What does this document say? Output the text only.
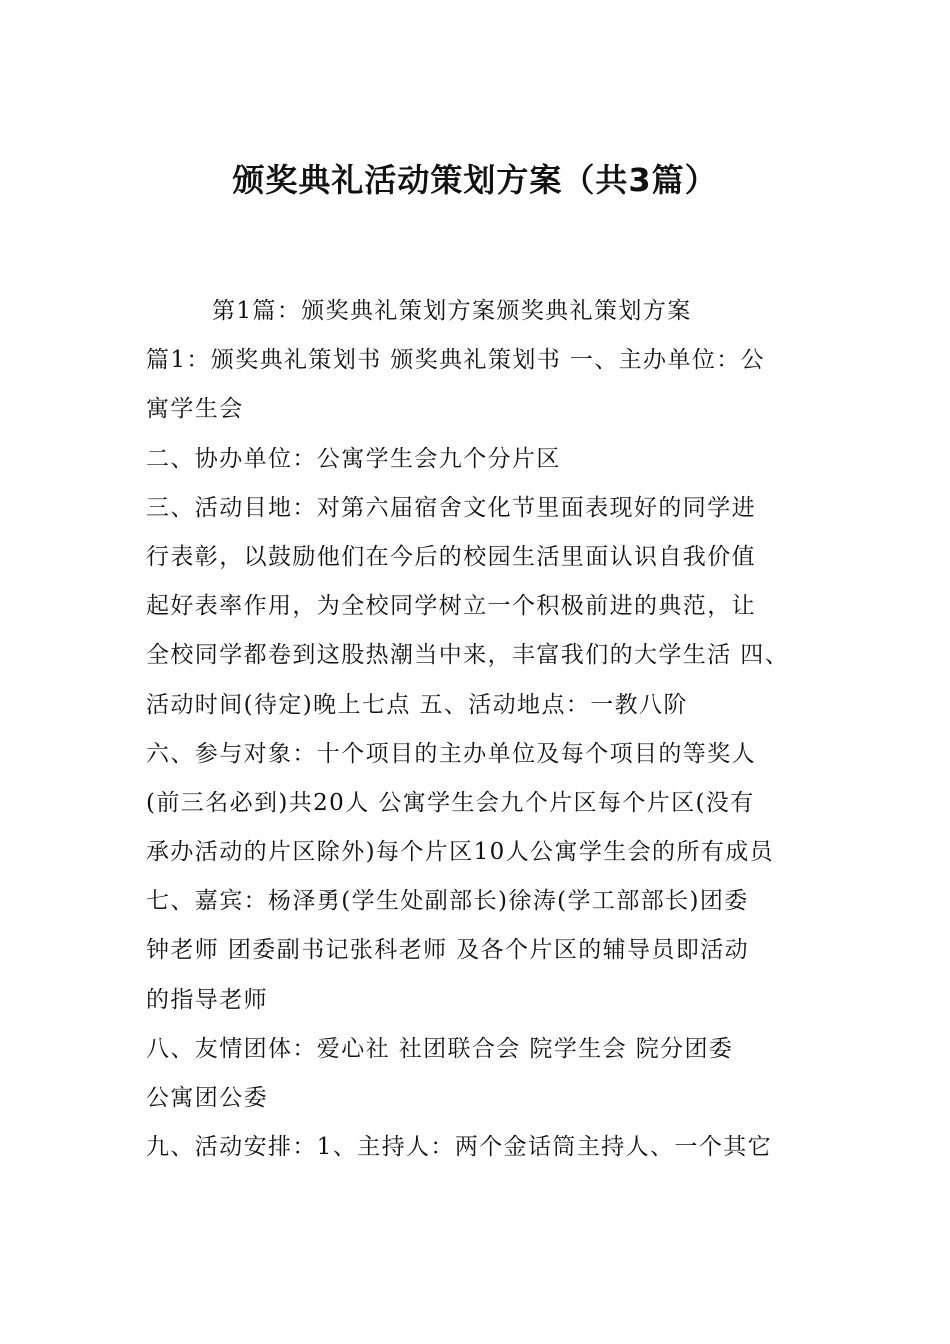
颁奖典礼活动策划方案（共3篇）
第1篇：颁奖典礼策划方案颁奖典礼策划方案
篇1：颁奖典礼策划书 颁奖典礼策划书 一、主办单位：公
寓学生会
二、协办单位：公寓学生会九个分片区
三、活动目地：对第六届宿舍文化节里面表现好的同学进
行表彰，以鼓励他们在今后的校园生活里面认识自我价值
起好表率作用，为全校同学树立一个积极前进的典范，让
全校同学都卷到这股热潮当中来，丰富我们的大学生活 四、
活动时间(待定)晚上七点 五、活动地点：一教八阶
六、参与对象：十个项目的主办单位及每个项目的等奖人
(前三名必到)共20人 公寓学生会九个片区每个片区(没有
承办活动的片区除外)每个片区10人公寓学生会的所有成员
七、嘉宾：杨泽勇(学生处副部长)徐涛(学工部部长)团委
钟老师 团委副书记张科老师 及各个片区的辅导员即活动
的指导老师
八、友情团体：爱心社 社团联合会 院学生会 院分团委
公寓团公委
九、活动安排：1、主持人：两个金话筒主持人、一个其它
